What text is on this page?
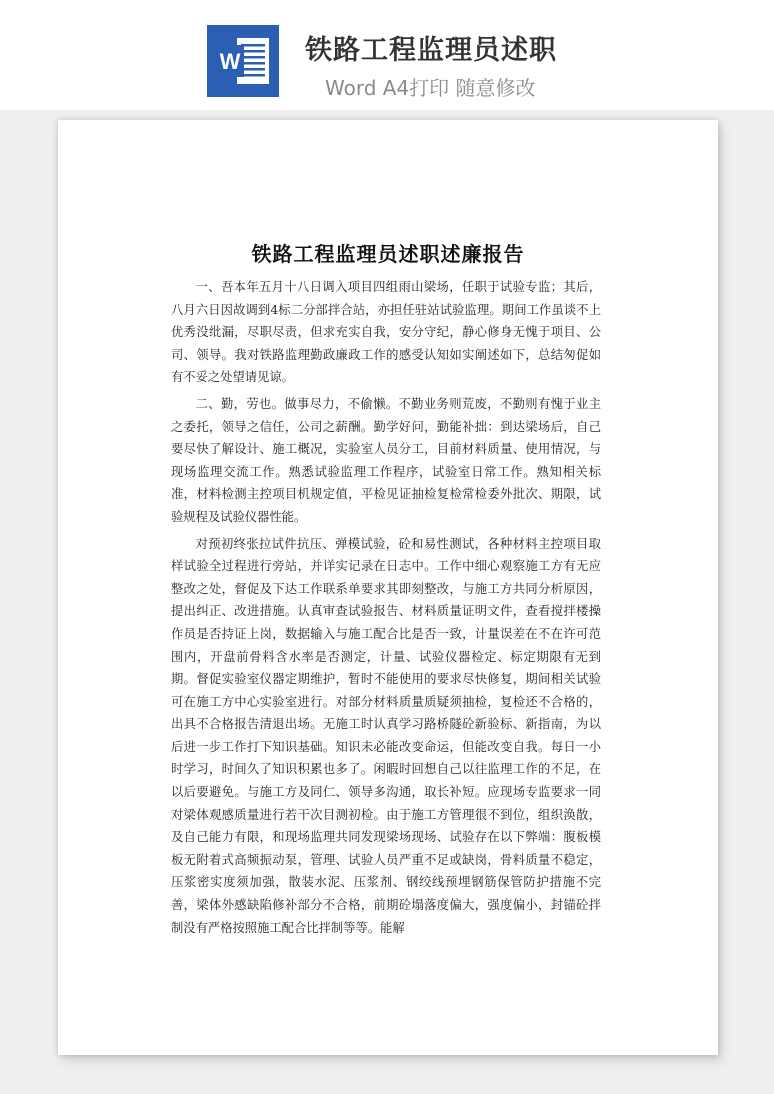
W 铁路工程监理员述职
Word A4打印 随意修改
铁路工程监理员述职述廉报告

一、吾本年五月十八日调入项目四组雨山梁场，任职于试验专监；其后，八月六日因故调到4标二分部拌合站，亦担任驻站试验监理。期间工作虽谈不上优秀没纰漏，尽职尽责，但求充实自我，安分守纪，静心修身无愧于项目、公司、领导。我对铁路监理勤政廉政工作的感受认知如实阐述如下，总结匆促如有不妥之处望请见谅。

二、勤，劳也。做事尽力，不偷懒。不勤业务则荒废，不勤则有愧于业主之委托，领导之信任，公司之薪酬。勤学好问，勤能补拙：到达梁场后，自己要尽快了解设计、施工概况，实验室人员分工，目前材料质量、使用情况，与现场监理交流工作。熟悉试验监理工作程序，试验室日常工作。熟知相关标准，材料检测主控项目机规定值，平检见证抽检复检常检委外批次、期限，试验规程及试验仪器性能。

对预初终张拉试件抗压、弹模试验，砼和易性测试，各种材料主控项目取样试验全过程进行旁站，并详实记录在日志中。工作中细心观察施工方有无应整改之处，督促及下达工作联系单要求其即刻整改，与施工方共同分析原因，提出纠正、改进措施。认真审查试验报告、材料质量证明文件，查看搅拌楼操作员是否持证上岗，数据输入与施工配合比是否一致，计量误差在不在许可范围内，开盘前骨料含水率是否测定，计量、试验仪器检定、标定期限有无到期。督促实验室仪器定期维护，暂时不能使用的要求尽快修复，期间相关试验可在施工方中心实验室进行。对部分材料质量质疑须抽检，复检还不合格的，出具不合格报告清退出场。无施工时认真学习路桥隧砼新验标、新指南，为以后进一步工作打下知识基础。知识未必能改变命运，但能改变自我。每日一小时学习，时间久了知识积累也多了。闲暇时回想自己以往监理工作的不足，在以后要避免。与施工方及同仁、领导多沟通，取长补短。应现场专监要求一同对梁体观感质量进行若干次目测初检。由于施工方管理很不到位，组织涣散，及自己能力有限，和现场监理共同发现梁场现场、试验存在以下弊端：腹板模板无附着式高频振动泵，管理、试验人员严重不足或缺岗，骨料质量不稳定，压浆密实度须加强，散装水泥、压浆剂、钢绞线预埋钢筋保管防护措施不完善，梁体外感缺陷修补部分不合格，前期砼塌落度偏大，强度偏小，封锚砼拌制没有严格按照施工配合比拌制等等。能解
